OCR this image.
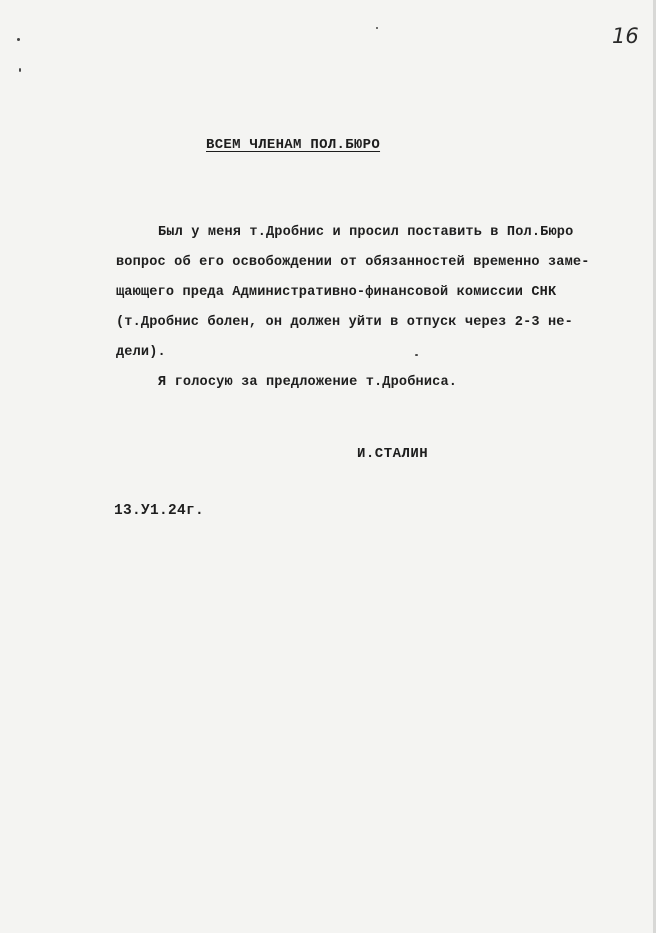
16
ВСЕМ ЧЛЕНАМ ПОЛ.БЮРО
Был у меня т.Дробнис и просил поставить в Пол.Бюро
вопрос об его освобождении от обязанностей временно заме-
щающего преда Административно-финансовой комиссии СНК
(т.Дробнис болен, он должен уйти в отпуск через 2-3 не-
дели).
Я голосую за предложение т.Дробниса.
И.СТАЛИН
13.У1.24г.
